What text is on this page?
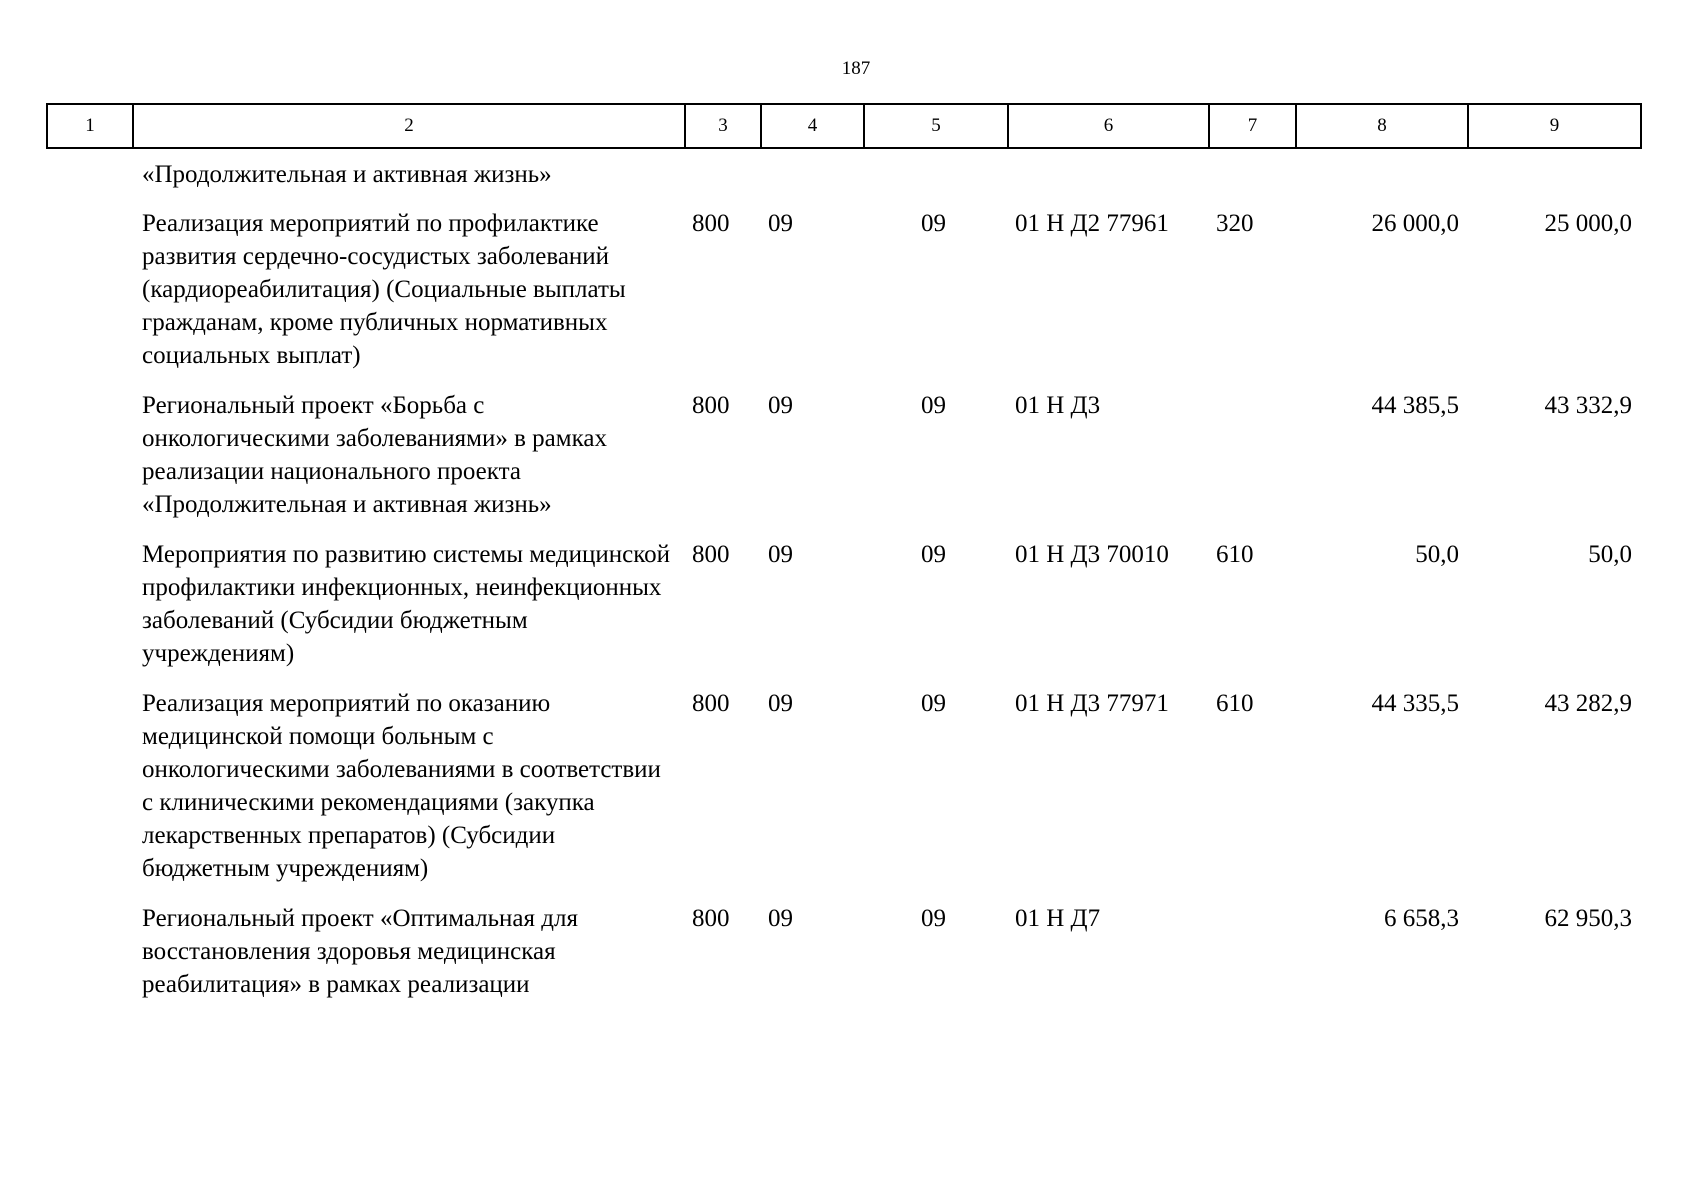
187
1	2	3	4	5	6	7	8	9
	«Продолжительная и активная жизнь»							
	Реализация мероприятий по профилактике развития сердечно-сосудистых заболеваний (кардиореабилитация) (Социальные выплаты гражданам, кроме публичных нормативных социальных выплат)	800	09	09	01 Н Д2 77961	320	26 000,0	25 000,0
	Региональный проект «Борьба с онкологическими заболеваниями» в рамках реализации национального проекта «Продолжительная и активная жизнь»	800	09	09	01 Н Д3		44 385,5	43 332,9
	Мероприятия по развитию системы медицинской профилактики инфекционных, неинфекционных заболеваний (Субсидии бюджетным учреждениям)	800	09	09	01 Н Д3 70010	610	50,0	50,0
	Реализация мероприятий по оказанию медицинской помощи больным с онкологическими заболеваниями в соответствии с клиническими рекомендациями (закупка лекарственных препаратов) (Субсидии бюджетным учреждениям)	800	09	09	01 Н Д3 77971	610	44 335,5	43 282,9
	Региональный проект «Оптимальная для восстановления здоровья медицинская реабилитация» в рамках реализации	800	09	09	01 Н Д7		6 658,3	62 950,3
